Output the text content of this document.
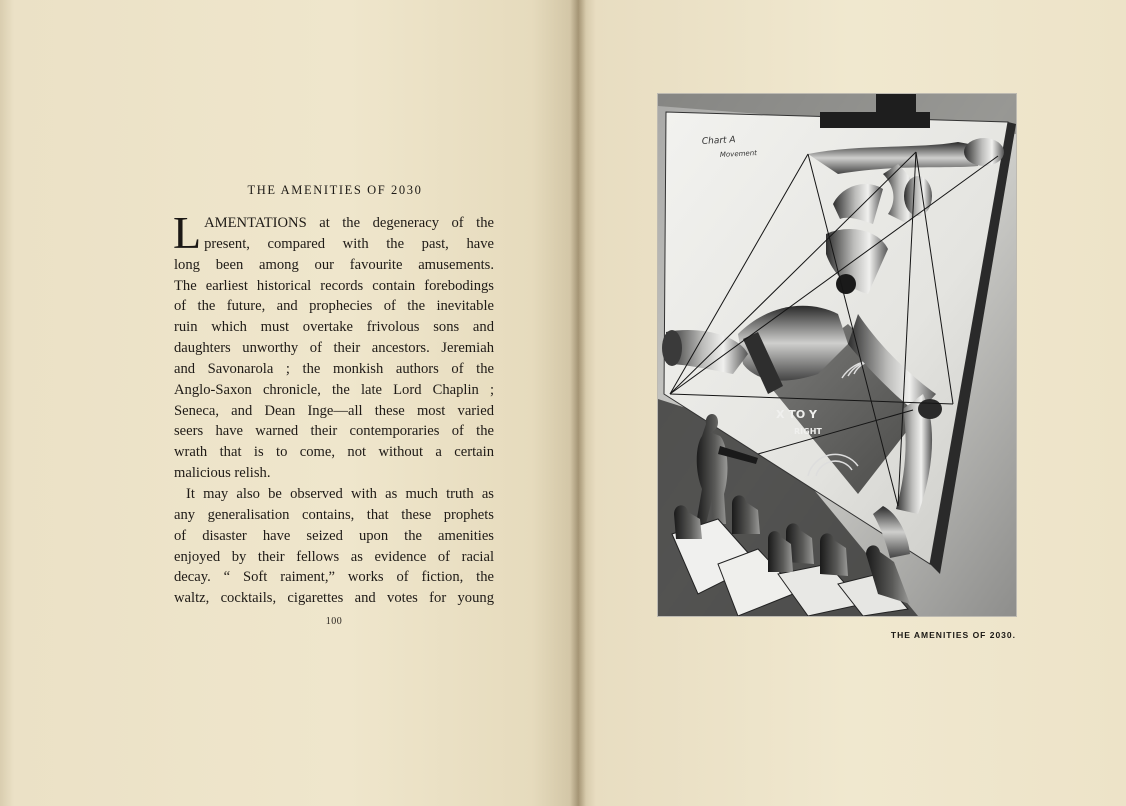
THE AMENITIES OF 2030
L AMENTATIONS at the degeneracy of the
present, compared with the past, have
long been among our favourite amusements.
The earliest historical records contain forebodings
of the future, and prophecies of the inevitable
ruin which must overtake frivolous sons and
daughters unworthy of their ancestors. Jeremiah
and Savonarola ; the monkish authors of the
Anglo-Saxon chronicle, the late Lord Chaplin ;
Seneca, and Dean Inge—all these most varied
seers have warned their contemporaries of the
wrath that is to come, not without a certain
malicious relish.
It may also be observed with as much truth as
any generalisation contains, that these prophets
of disaster have seized upon the amenities
enjoyed by their fellows as evidence of racial
decay. “ Soft raiment,” works of fiction, the
waltz, cocktails, cigarettes and votes for young
100
Chart A
Movement
X TO Y
RIGHT
THE AMENITIES OF 2030.
